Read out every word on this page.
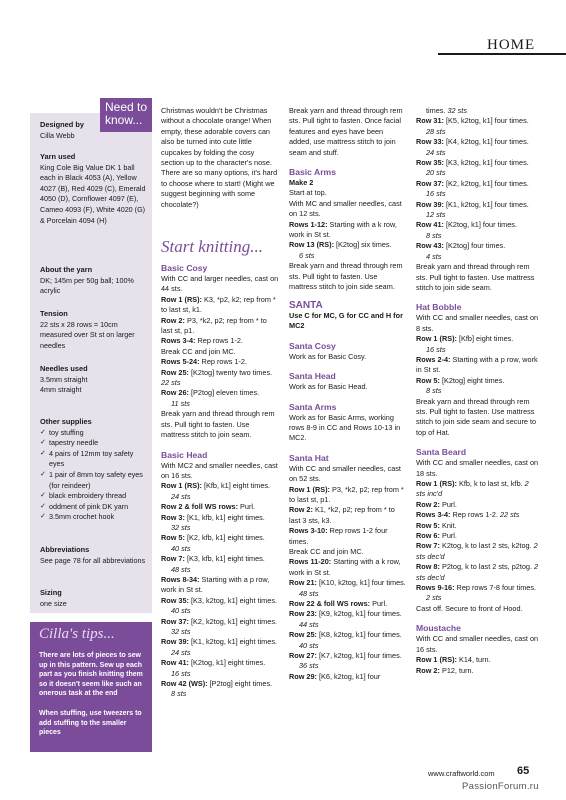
HOME
Need to know...
Designed by
Cilla Webb
Yarn used
King Cole Big Value DK 1 ball each in Black 4053 (A), Yellow 4027 (B), Red 4029 (C), Emerald 4050 (D), Cornflower 4097 (E), Cameo 4093 (F), White 4020 (G) & Porcelain 4094 (H)
About the yarn
DK; 145m per 50g ball; 100% acrylic
Tension
22 sts x 28 rows = 10cm measured over St st on larger needles
Needles used
3.5mm straight
4mm straight
Other supplies
✓ toy stuffing
✓ tapestry needle
✓ 4 pairs of 12mm toy safety eyes
✓ 1 pair of 8mm toy safety eyes (for reindeer)
✓ black embroidery thread
✓ oddment of pink DK yarn
✓ 3.5mm crochet hook
Abbreviations
See page 78 for all abbreviations
Sizing
one size
Cilla's tips...
There are lots of pieces to sew up in this pattern. Sew up each part as you finish knitting them so it doesn't seem like such an onerous task at the end
When stuffing, use tweezers to add stuffing to the smaller pieces
Christmas wouldn't be Christmas without a chocolate orange! When empty, these adorable covers can also be turned into cute little cupcakes by folding the cosy section up to the character's nose. There are so many options, it's hard to choose where to start! (Might we suggest beginning with some chocolate?)
Start knitting...

Basic Cosy

With CC and larger needles, cast on 44 sts.

Row 1 (RS): K3, *p2, k2; rep from * to last st, k1.

Row 2: P3, *k2, p2; rep from * to last st, p1.

Rows 3-4: Rep rows 1-2.

Break CC and join MC.

Rows 5-24: Rep rows 1-2.

Row 25: [K2tog] twenty two times. 22 sts

Row 26: [P2tog] eleven times.
11 sts

Break yarn and thread through rem sts. Pull tight to fasten. Use mattress stitch to join seam.

Basic Head

With MC2 and smaller needles, cast on 16 sts.

Row 1 (RS): [Kfb, k1] eight times.
24 sts

Row 2 & foll WS rows: Purl.

Row 3: [K1, kfb, k1] eight times.
32 sts

Row 5: [K2, kfb, k1] eight times.
40 sts

Row 7: [K3, kfb, k1] eight times.
48 sts

Rows 8-34: Starting with a p row, work in St st.

Row 35: [K3, k2tog, k1] eight times.
40 sts

Row 37: [K2, k2tog, k1] eight times.
32 sts

Row 39: [K1, k2tog, k1] eight times.
24 sts

Row 41: [K2tog, k1] eight times.
16 sts

Row 42 (WS): [P2tog] eight times.
8 sts

Break yarn and thread through rem sts. Pull tight to fasten. Once facial features and eyes have been added, use mattress stitch to join seam and stuff.

Basic Arms

Make 2

Start at top.

With MC and smaller needles, cast on 12 sts.

Rows 1-12: Starting with a k row, work in St st.

Row 13 (RS): [K2tog] six times.
6 sts

Break yarn and thread through rem sts. Pull tight to fasten. Use mattress stitch to join side seam.

SANTA

Use C for MC, G for CC and H for MC2

Santa Cosy

Work as for Basic Cosy.

Santa Head

Work as for Basic Head.

Santa Arms

Work as for Basic Arms, working rows 8-9 in CC and Rows 10-13 in MC2.

Santa Hat

With CC and smaller needles, cast on 52 sts.

Row 1 (RS): P3, *k2, p2; rep from * to last st, p1.

Row 2: K1, *k2, p2; rep from * to last 3 sts, k3.

Rows 3-10: Rep rows 1-2 four times.

Break CC and join MC.

Rows 11-20: Starting with a k row, work in St st.

Row 21: [K10, k2tog, k1] four times.
48 sts

Row 22 & foll WS rows: Purl.

Row 23: [K9, k2tog, k1] four times.
44 sts

Row 25: [K8, k2tog, k1] four times.
40 sts

Row 27: [K7, k2tog, k1] four times.
36 sts

Row 29: [K6, k2tog, k1] four

times. 32 sts

Row 31: [K5, k2tog, k1] four times.
28 sts

Row 33: [K4, k2tog, k1] four times.
24 sts

Row 35: [K3, k2tog, k1] four times.
20 sts

Row 37: [K2, k2tog, k1] four times.
16 sts

Row 39: [K1, k2tog, k1] four times.
12 sts

Row 41: [K2tog, k1] four times.
8 sts

Row 43: [K2tog] four times.
4 sts

Break yarn and thread through rem sts. Pull tight to fasten. Use mattress stitch to join side seam.

Hat Bobble

With CC and smaller needles, cast on 8 sts.

Row 1 (RS): [Kfb] eight times.
16 sts

Rows 2-4: Starting with a p row, work in St st.

Row 5: [K2tog] eight times.
8 sts

Break yarn and thread through rem sts. Pull tight to fasten. Use mattress stitch to join side seam and secure to top of Hat.

Santa Beard

With CC and smaller needles, cast on 18 sts.

Row 1 (RS): Kfb, k to last st, kfb. 2 sts inc'd

Row 2: Purl.

Rows 3-4: Rep rows 1-2. 22 sts

Row 5: Knit.

Row 6: Purl.

Row 7: K2tog, k to last 2 sts, k2tog. 2 sts dec'd

Row 8: P2tog, k to last 2 sts, p2tog. 2 sts dec'd

Rows 9-16: Rep rows 7-8 four times.
2 sts

Cast off. Secure to front of Hood.

Moustache

With CC and smaller needles, cast on 16 sts.

Row 1 (RS): K14, turn.

Row 2: P12, turn.

www.craftworld.com 65
PassionForum.ru
